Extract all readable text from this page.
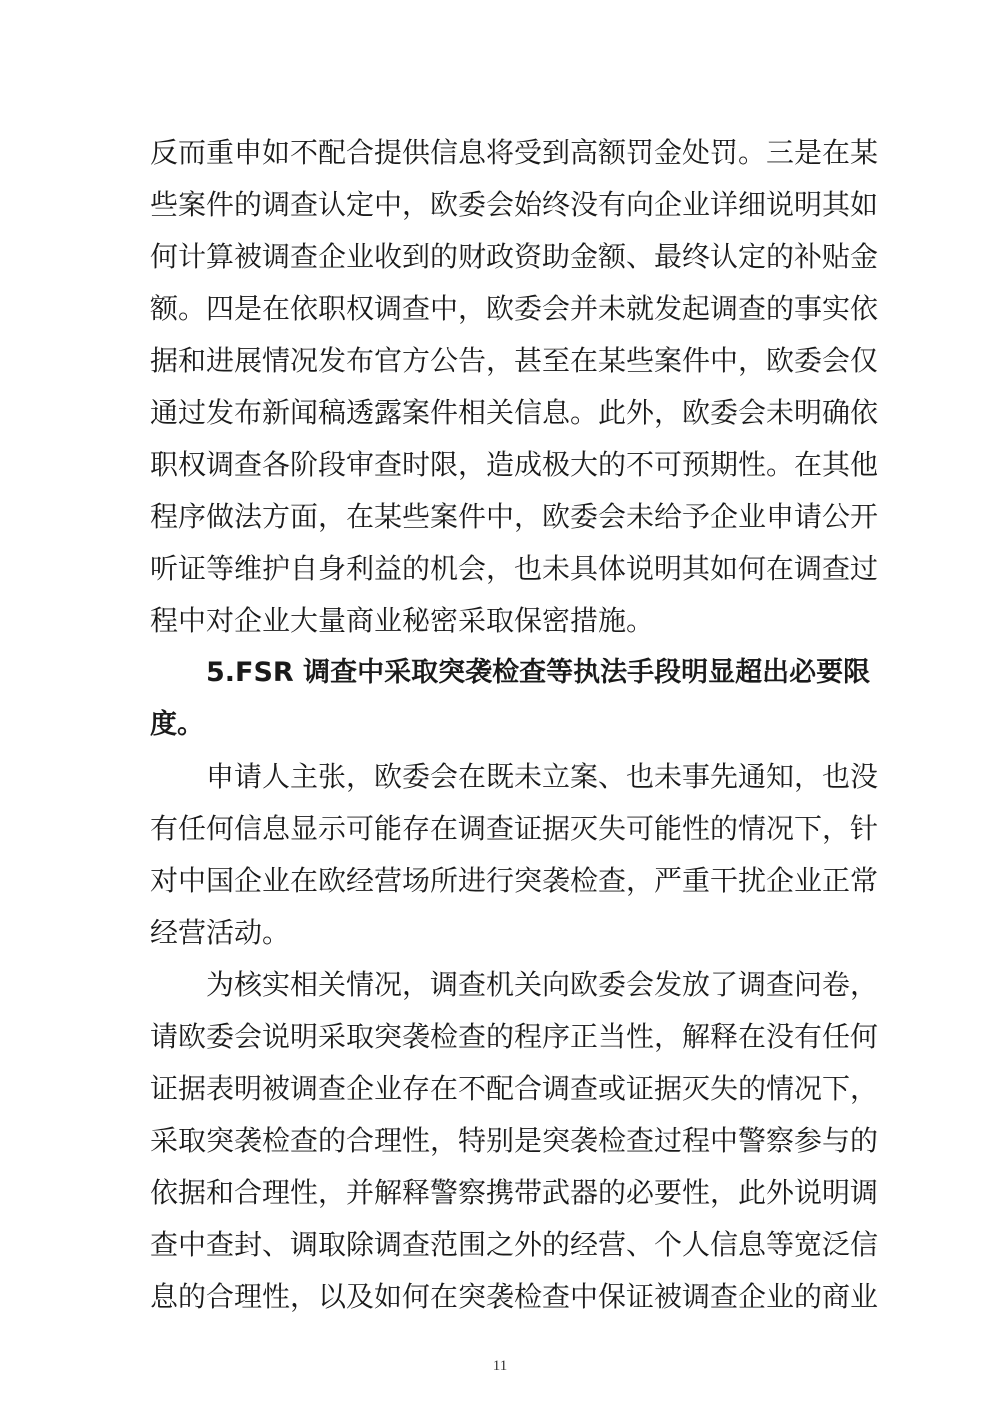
反而重申如不配合提供信息将受到高额罚金处罚。三是在某
些案件的调查认定中，欧委会始终没有向企业详细说明其如
何计算被调查企业收到的财政资助金额、最终认定的补贴金
额。四是在依职权调查中，欧委会并未就发起调查的事实依
据和进展情况发布官方公告，甚至在某些案件中，欧委会仅
通过发布新闻稿透露案件相关信息。此外，欧委会未明确依
职权调查各阶段审查时限，造成极大的不可预期性。在其他
程序做法方面，在某些案件中，欧委会未给予企业申请公开
听证等维护自身利益的机会，也未具体说明其如何在调查过
程中对企业大量商业秘密采取保密措施。
5.FSR 调查中采取突袭检查等执法手段明显超出必要限
度。
申请人主张，欧委会在既未立案、也未事先通知，也没
有任何信息显示可能存在调查证据灭失可能性的情况下，针
对中国企业在欧经营场所进行突袭检查，严重干扰企业正常
经营活动。
为核实相关情况，调查机关向欧委会发放了调查问卷，
请欧委会说明采取突袭检查的程序正当性，解释在没有任何
证据表明被调查企业存在不配合调查或证据灭失的情况下，
采取突袭检查的合理性，特别是突袭检查过程中警察参与的
依据和合理性，并解释警察携带武器的必要性，此外说明调
查中查封、调取除调查范围之外的经营、个人信息等宽泛信
息的合理性，以及如何在突袭检查中保证被调查企业的商业
11
